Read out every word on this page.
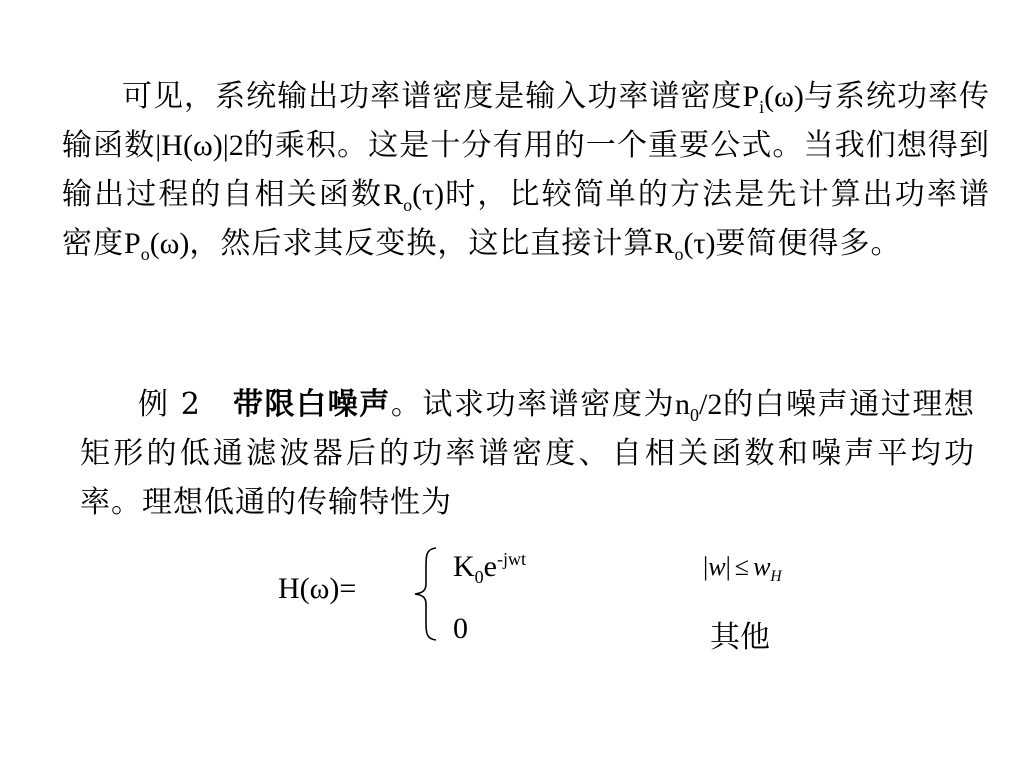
可见，系统输出功率谱密度是输入功率谱密度$P_i(\omega)$与系统功率传输函数|H(ω)|2的乘积。这是十分有用的一个重要公式。当我们想得到输出过程的自相关函数$R_o(\tau)$时，比较简单的方法是先计算出功率谱密度$P_o(\omega)$，然后求其反变换，这比直接计算$R_o(\tau)$要简便得多。
例 2　带限白噪声。试求功率谱密度为$n_0/2$的白噪声通过理想矩形的低通滤波器后的功率谱密度、自相关函数和噪声平均功率。理想低通的传输特性为
H(ω)=
$K_0e^{-jwt}$	$|w| \le w_H$
0	其他
